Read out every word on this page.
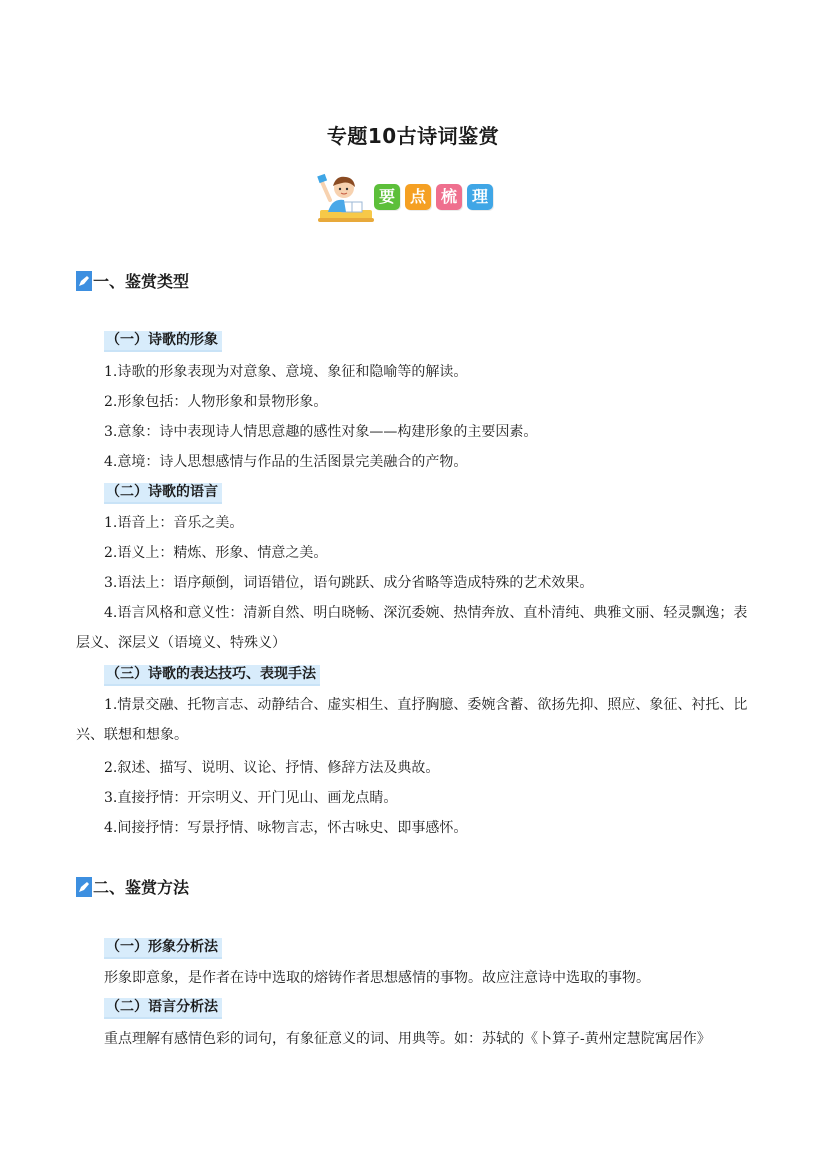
专题10古诗词鉴赏
要 点 梳 理
一、鉴赏类型
（一）诗歌的形象
1.诗歌的形象表现为对意象、意境、象征和隐喻等的解读。
2.形象包括：人物形象和景物形象。
3.意象：诗中表现诗人情思意趣的感性对象——构建形象的主要因素。
4.意境：诗人思想感情与作品的生活图景完美融合的产物。
（二）诗歌的语言
1.语音上：音乐之美。
2.语义上：精炼、形象、情意之美。
3.语法上：语序颠倒，词语错位，语句跳跃、成分省略等造成特殊的艺术效果。
4.语言风格和意义性：清新自然、明白晓畅、深沉委婉、热情奔放、直朴清纯、典雅文丽、轻灵飘逸；表层义、深层义（语境义、特殊义）
（三）诗歌的表达技巧、表现手法
1.情景交融、托物言志、动静结合、虚实相生、直抒胸臆、委婉含蓄、欲扬先抑、照应、象征、衬托、比兴、联想和想象。
2.叙述、描写、说明、议论、抒情、修辞方法及典故。
3.直接抒情：开宗明义、开门见山、画龙点睛。
4.间接抒情：写景抒情、咏物言志，怀古咏史、即事感怀。
二、鉴赏方法
（一）形象分析法
形象即意象，是作者在诗中选取的熔铸作者思想感情的事物。故应注意诗中选取的事物。
（二）语言分析法
重点理解有感情色彩的词句，有象征意义的词、用典等。如：苏轼的《卜算子-黄州定慧院寓居作》
